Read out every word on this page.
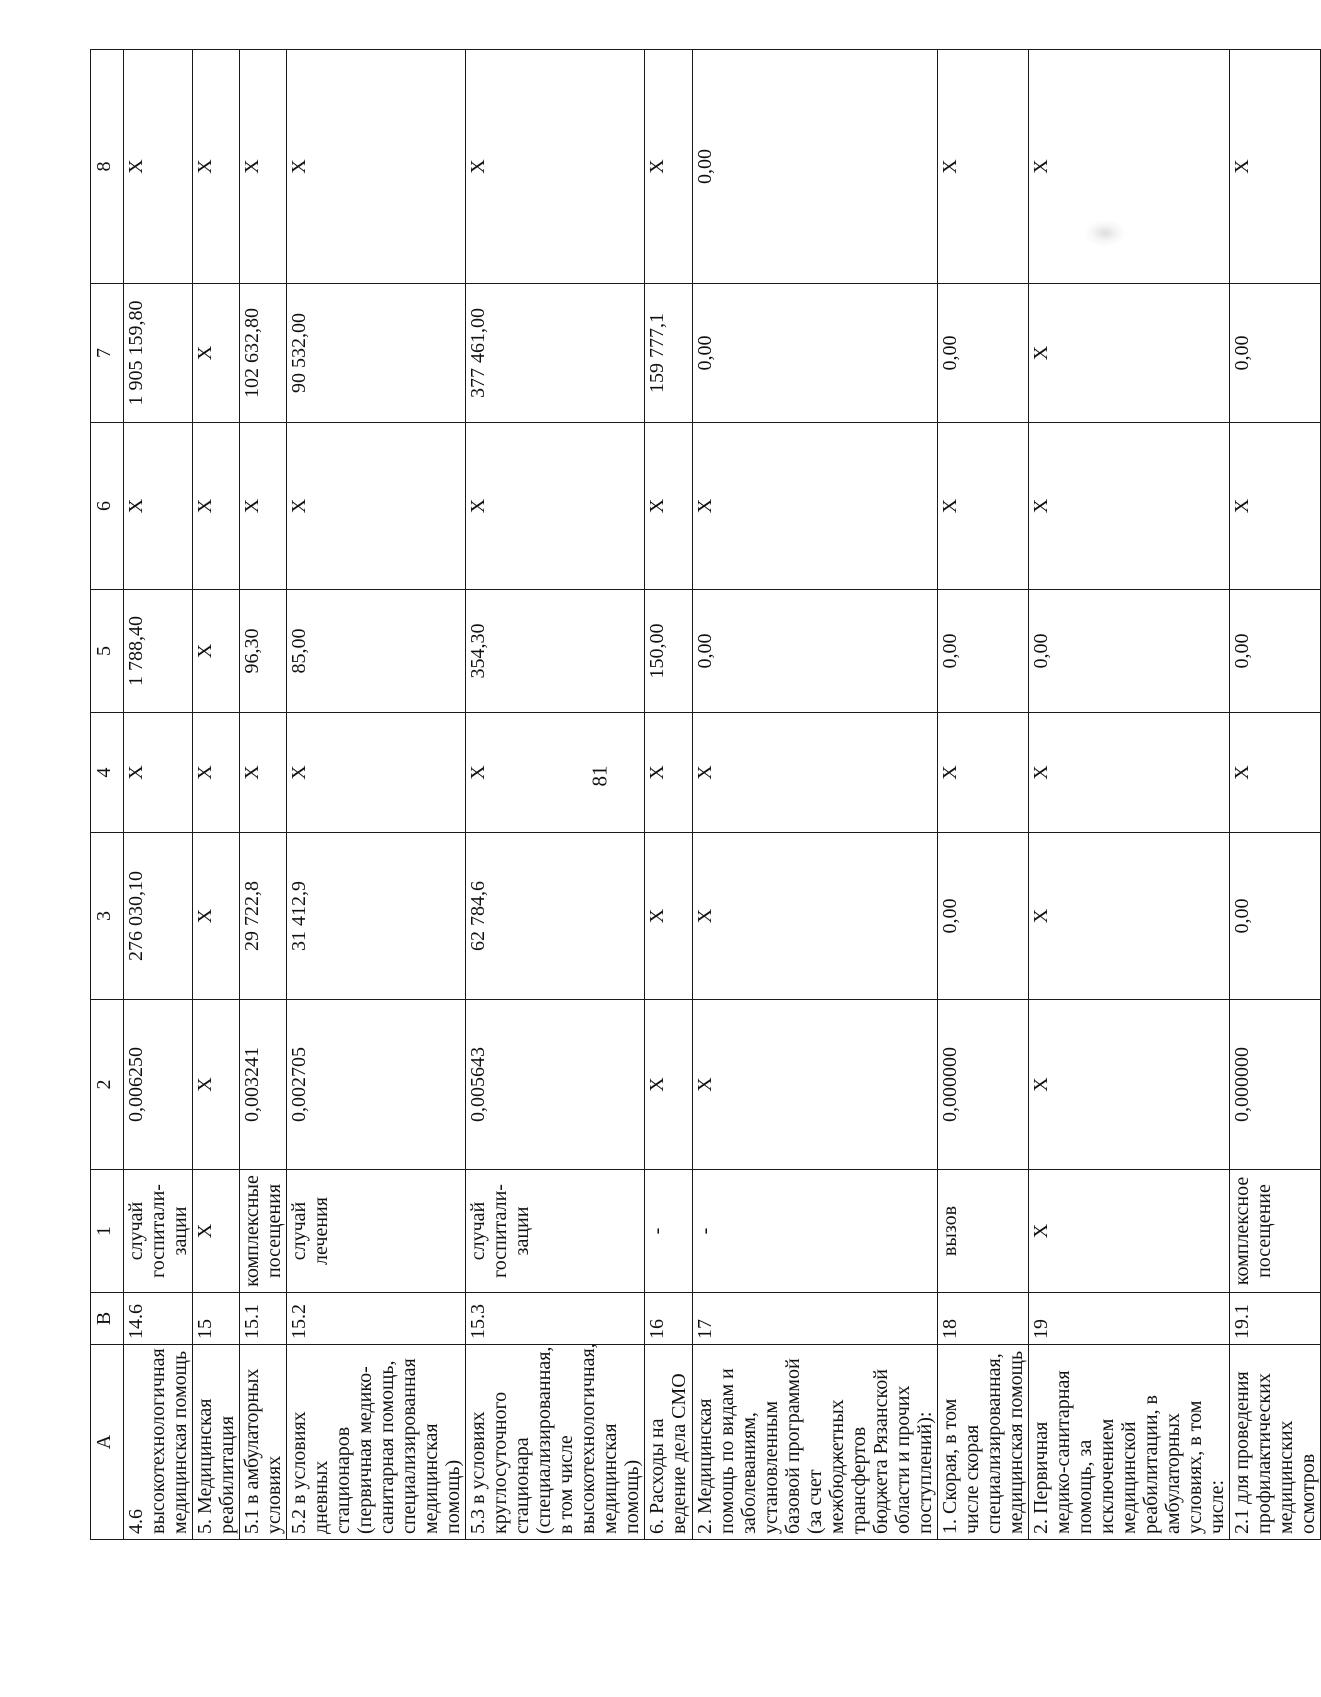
81
A	B	1	2	3	4	5	6	7	8
4.6 высокотехнологичная медицинская помощь	14.6	случай госпитали-зации	0,006250	276 030,10	X	1 788,40	X	1 905 159,80	X
5. Медицинская реабилитация	15	X	X	X	X	X	X	X	X
5.1 в амбулаторных условиях	15.1	комплексные посещения	0,003241	29 722,8	X	96,30	X	102 632,80	X
5.2 в условиях дневных стационаров (первичная медико-санитарная помощь, специализированная медицинская помощь)	15.2	случай лечения	0,002705	31 412,9	X	85,00	X	90 532,00	X
5.3 в условиях круглосуточного стационара (специализированная, в том числе высокотехнологичная, медицинская помощь)	15.3	случай госпитали-зации	0,005643	62 784,6	X	354,30	X	377 461,00	X
6. Расходы на ведение дела СМО	16	-	X	X	X	150,00	X	159 777,1	X
2. Медицинская помощь по видам и заболеваниям, установленным базовой программой (за счет межбюджетных трансфертов бюджета Рязанской области и прочих поступлений):	17	-	X	X	X	0,00	X	0,00	0,00
1. Скорая, в том числе скорая специализированная, медицинская помощь	18	вызов	0,000000	0,00	X	0,00	X	0,00	X
2. Первичная медико-санитарная помощь, за исключением медицинской реабилитации, в амбулаторных условиях, в том числе:	19	X	X	X	X	0,00	X	X	X
2.1 для проведения профилактических медицинских осмотров	19.1	комплексное посещение	0,000000	0,00	X	0,00	X	0,00	X
